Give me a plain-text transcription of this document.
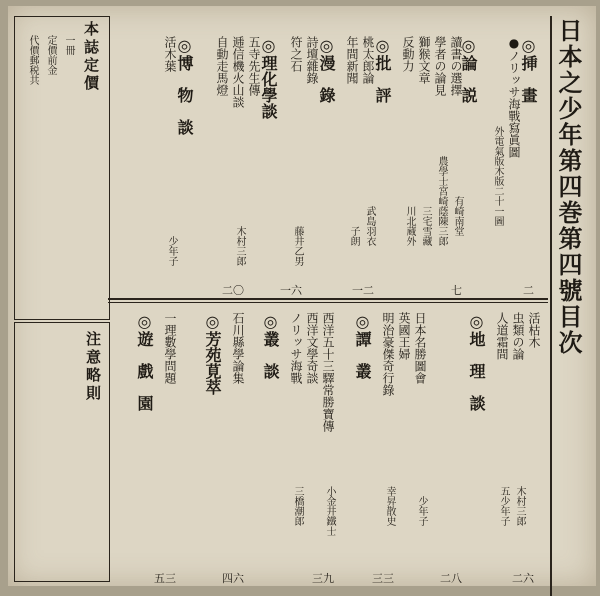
日本之少年第四巻第四號目次
本誌定價
一冊
定價前金
代價郵税共
注意略則
◎挿　畫
●ノリッサ海戰寫眞圖
外電氣版木版二十一圖
◎論　説
讀書の選擇
學者の論見
獅猴文章
反動力
◎批　評
桃太郎論
年間新聞
◎漫　錄
詩壇雜錄
符之石
◎理化學談
五寺先生傳
逓信機火山談
自動走馬燈
◎博　物　談
活木葉
有崎南堂
農學士宮崎蔭陳三郎
三宅雪藏
川北蔵外
武島羽衣
子朗
藤井乙男
木村三郎
少年子
二
七
一二
一六
二〇
活枯木
虫類の論
人道霜間
◎地　理　談
日本名勝圖會
英國王婦
明治豪傑奇行錄
◎譚　叢
西洋五十三驛常勝寶傳
西洋文學奇談
ノリッサ海戰
◎叢　談
石川縣學論集
◎芳苑莧萃
一理數學問題
◎遊　戲　園
木村三郎
五少年子
少年子
幸昇散史
小金井鐵士
三橋潮郎
二六
二八
三三
三九
四六
五三
